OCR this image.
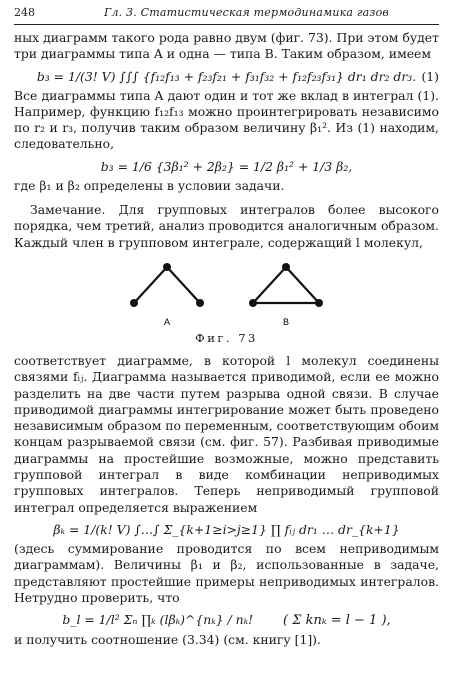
248	Гл. 3. Статистическая термодинамика газов

ных диаграмм такого рода равно двум (фиг. 73). При этом будет три диаграммы типа A и одна — типа B. Таким образом, имеем

b₃ = 1/(3! V) ∫∫∫ {f₁₂f₁₃ + f₂₃f₂₁ + f₃₁f₃₂ + f₁₂f₂₃f₃₁} dr₁ dr₂ dr₃. (1)

Все диаграммы типа A дают один и тот же вклад в интеграл (1). Например, функцию f₁₂f₁₃ можно проинтегрировать независимо по r₂ и r₃, получив таким образом величину β₁². Из (1) находим, следовательно,

b₃ = 1/6 {3β₁² + 2β₂} = 1/2 β₁² + 1/3 β₂,

где β₁ и β₂ определены в условии задачи.

Замечание. Для групповых интегралов более высокого порядка, чем третий, анализ проводится аналогичным образом. Каждый член в групповом интеграле, содержащий l молекул,

A	B
Фиг. 73

соответствует диаграмме, в которой l молекул соединены связями fᵢⱼ. Диаграмма называется приводимой, если ее можно разделить на две части путем разрыва одной связи. В случае приводимой диаграммы интегрирование может быть проведено независимым образом по переменным, соответствующим обоим концам разрываемой связи (см. фиг. 57). Разбивая приводимые диаграммы на простейшие возможные, можно представить групповой интеграл в виде комбинации неприводимых групповых интегралов. Теперь неприводимый групповой интеграл определяется выражением

βₖ = 1/(k! V) ∫…∫ Σ_{k+1≥i>j≥1} ∏ fᵢⱼ dr₁ … dr_{k+1}

(здесь суммирование проводится по всем неприводимым диаграммам). Величины β₁ и β₂, использованные в задаче, представляют простейшие примеры неприводимых интегралов. Нетрудно проверить, что

b_l = 1/l² Σₙ ∏ₖ (lβₖ)^{nₖ} / nₖ! ( Σ knₖ = l − 1 ),

и получить соотношение (3.34) (см. книгу [1]).
